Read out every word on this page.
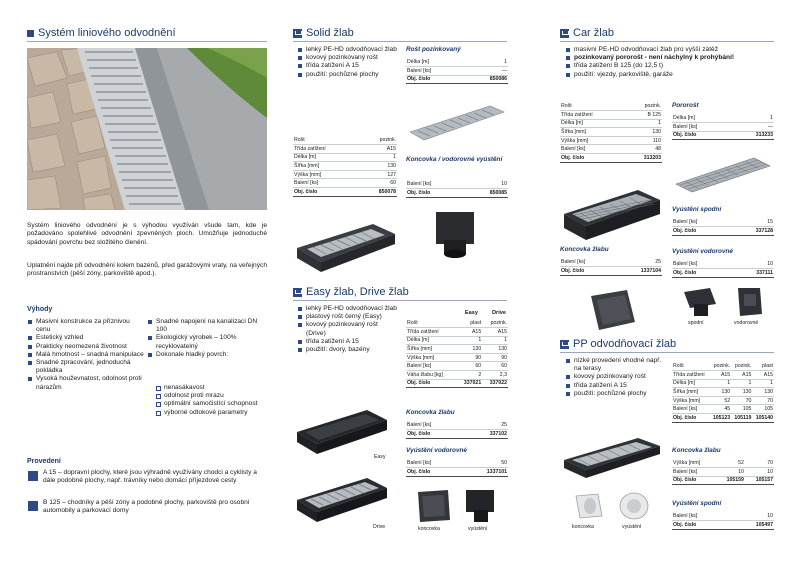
Systém liniového odvodnění
Systém liniového odvodnění je s výhodou využíván všude tam, kde je požadováno spolehlivé odvodnění zpevněných ploch. Umožňuje jednoduché spádování povrchu bez složitého členění.
Uplatnění najde při odvodnění kolem bazénů, před garážovými vraty, na veřejných prostranstvích (pěší zóny, parkoviště apod.).
Výhody
Masivní konstrukce za příznivou cenu
Estetický vzhled
Prakticky neomezená životnost
Malá hmotnost – snadná manipulace
Snadné zpracování, jednoduchá pokládka
Vysoká houževnatost, odolnost proti nárazům
Snadné napojení na kanalizaci DN 100
Ekologický výrobek – 100% recyklovatelný
Dokonale hladký povrch:
nenasákavost
odolnost proti mrazu
optimální samočistící schopnost
výborné odtokové parametry
Provedení
A 15 – dopravní plochy, které jsou výhradně využívány chodci a cyklisty a dále podobné plochy, např. trávníky nebo domácí příjezdové cesty
B 125 – chodníky a pěší zóny a podobné plochy, parkoviště pro osobní automobily a parkovací domy
Solid žlab
lehký PE-HD odvodňovací žlab
kovový pozinkovaný rošt
třída zatížení A 15
použití: pochůzné plochy
Rošt	pozink.
Třída zatížení	A15
Délka [m]	1
Šířka [mm]	130
Výška [mm]	127
Balení [ks]	60
Obj. číslo	850078
Rošt pozinkovaný
Délka [m]	1
Balení [ks]	—
Obj. číslo	850086
Koncovka / vodorovné vyústění
Balení [ks]	10
Obj. číslo	850085
Easy žlab, Drive žlab
lehký PE-HD odvodňovací žlab
plastový rošt černý (Easy)
kovový pozinkovaný rošt (Drive)
třída zatížení A 15
použití: dvory, bazény
Easy
Drive
Easy	Drive
Rošt	plast	pozink.
Třída zatížení	A15	A15
Délka [m]	1	1
Šířka [mm]	130	130
Výška [mm]	90	90
Balení [ks]	60	60
Váha žlabu [kg]	2	2,3
Obj. číslo	337021	337022
Koncovka žlabu
Balení [ks]	25
Obj. číslo	337102
Vyústění vodorovné
Balení [ks]	50
Obj. číslo	1337101
koncovka	vyústění
Car žlab
masivní PE-HD odvodňovací žlab pro vyšší zátěž
pozinkovaný pororošt - není náchylný k prohýbání!
třída zatížení B 125 (do 12,5 t)
použití: vjezdy, parkoviště, garáže
Rošt	pozink.
Třída zatížení	B 125
Délka [m]	1
Šířka [mm]	130
Výška [mm]	110
Balení [ks]	48
Obj. číslo	313203
Koncovka žlabu
Balení [ks]	25
Obj. číslo	1337104
Pororošt
Délka [m]	1
Balení [ks]	—
Obj. číslo	313233
Vyústění spodní
Balení [ks]	15
Obj. číslo	337128
Vyústění vodorovné
Balení [ks]	10
Obj. číslo	337111
spodní	vodorovné
PP odvodňovací žlab
nízké provedení vhodné např. na terasy
kovový pozinkovaný rošt
třída zatížení A 15
použití: pochůzné plochy
koncovka	vyústění
Rošt	pozink.	pozink.	plast
Třída zatížení	A15	A15	A15
Délka [m]	1	1	1
Šířka [mm]	130	130	130
Výška [mm]	52	70	70
Balení [ks]	45	105	105
Obj. číslo	105123	105119	105140
Koncovka žlabu
Výška [mm]	52	70
Balení [ks]	10	10
Obj. číslo	105159	105157
Vyústění spodní
Balení [ks]	10
Obj. číslo	105497
